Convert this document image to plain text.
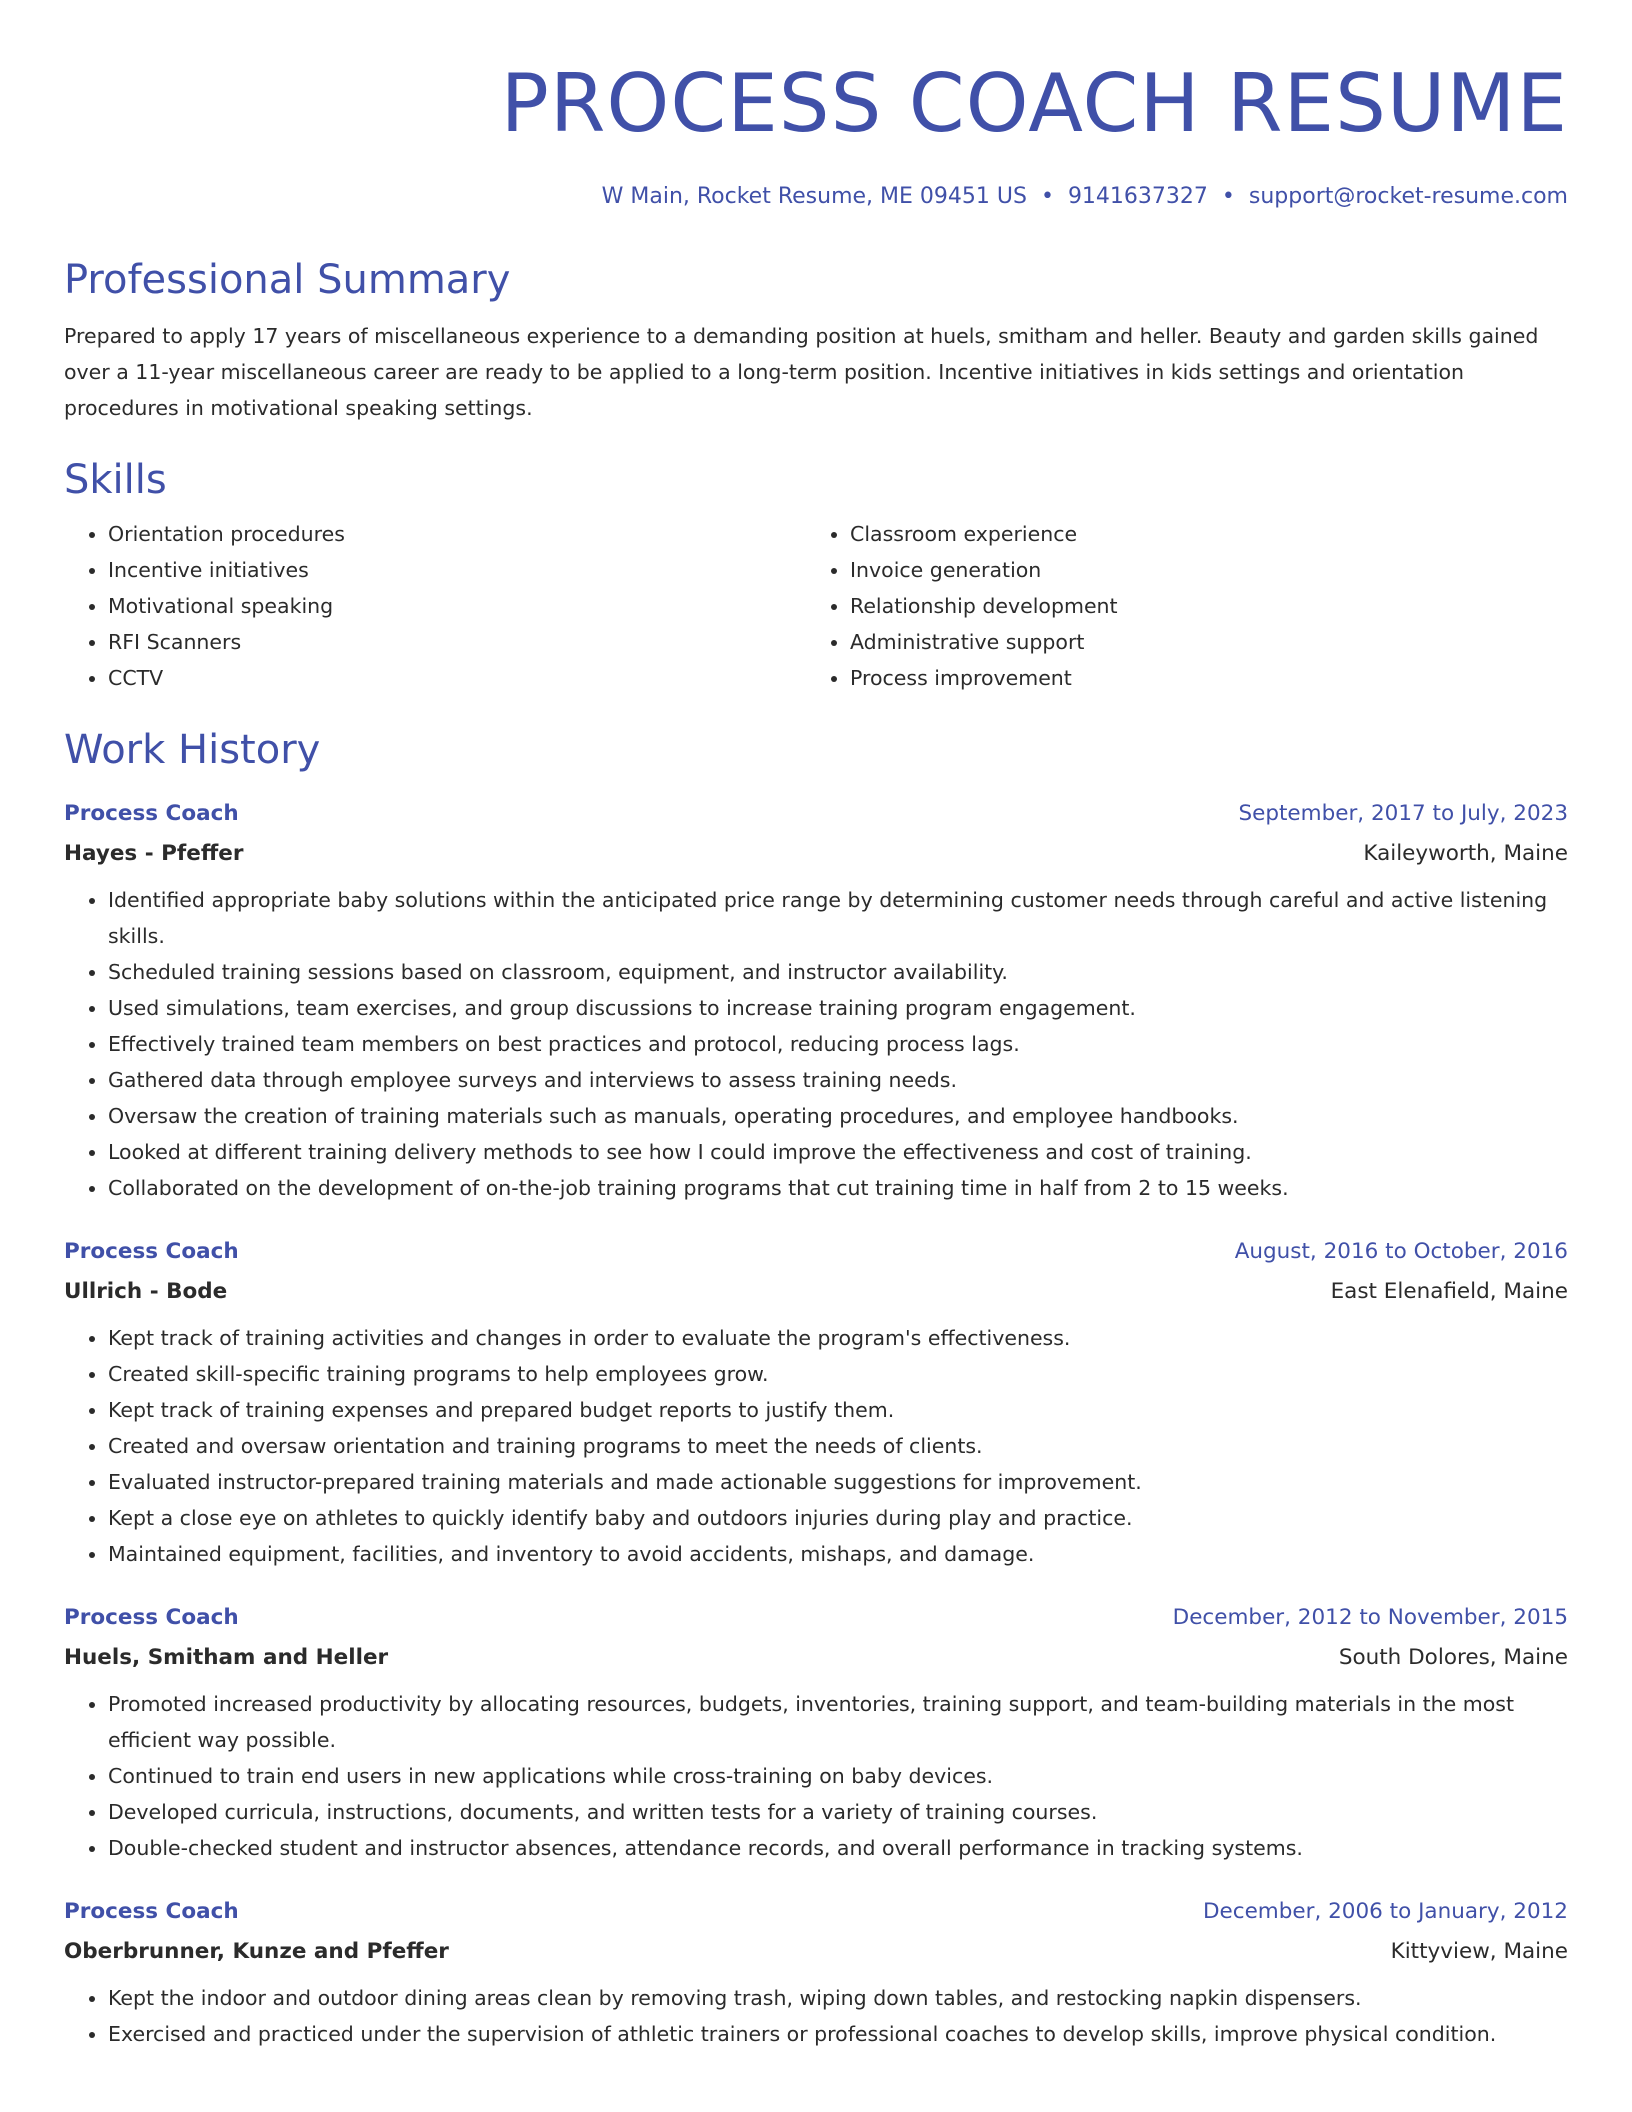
PROCESS COACH RESUME
W Main, Rocket Resume, ME 09451 US • 9141637327 • support@rocket-resume.com
Professional Summary
Prepared to apply 17 years of miscellaneous experience to a demanding position at huels, smitham and heller. Beauty and garden skills gained over a 11-year miscellaneous career are ready to be applied to a long-term position. Incentive initiatives in kids settings and orientation procedures in motivational speaking settings.
Skills
• Orientation procedures
• Incentive initiatives
• Motivational speaking
• RFI Scanners
• CCTV
• Classroom experience
• Invoice generation
• Relationship development
• Administrative support
• Process improvement
Work History
Process Coach	September, 2017 to July, 2023
Hayes - Pfeffer	Kaileyworth, Maine
• Identified appropriate baby solutions within the anticipated price range by determining customer needs through careful and active listening skills.
• Scheduled training sessions based on classroom, equipment, and instructor availability.
• Used simulations, team exercises, and group discussions to increase training program engagement.
• Effectively trained team members on best practices and protocol, reducing process lags.
• Gathered data through employee surveys and interviews to assess training needs.
• Oversaw the creation of training materials such as manuals, operating procedures, and employee handbooks.
• Looked at different training delivery methods to see how I could improve the effectiveness and cost of training.
• Collaborated on the development of on-the-job training programs that cut training time in half from 2 to 15 weeks.
Process Coach	August, 2016 to October, 2016
Ullrich - Bode	East Elenafield, Maine
• Kept track of training activities and changes in order to evaluate the program's effectiveness.
• Created skill-specific training programs to help employees grow.
• Kept track of training expenses and prepared budget reports to justify them.
• Created and oversaw orientation and training programs to meet the needs of clients.
• Evaluated instructor-prepared training materials and made actionable suggestions for improvement.
• Kept a close eye on athletes to quickly identify baby and outdoors injuries during play and practice.
• Maintained equipment, facilities, and inventory to avoid accidents, mishaps, and damage.
Process Coach	December, 2012 to November, 2015
Huels, Smitham and Heller	South Dolores, Maine
• Promoted increased productivity by allocating resources, budgets, inventories, training support, and team-building materials in the most efficient way possible.
• Continued to train end users in new applications while cross-training on baby devices.
• Developed curricula, instructions, documents, and written tests for a variety of training courses.
• Double-checked student and instructor absences, attendance records, and overall performance in tracking systems.
Process Coach	December, 2006 to January, 2012
Oberbrunner, Kunze and Pfeffer	Kittyview, Maine
• Kept the indoor and outdoor dining areas clean by removing trash, wiping down tables, and restocking napkin dispensers.
• Exercised and practiced under the supervision of athletic trainers or professional coaches to develop skills, improve physical condition.
